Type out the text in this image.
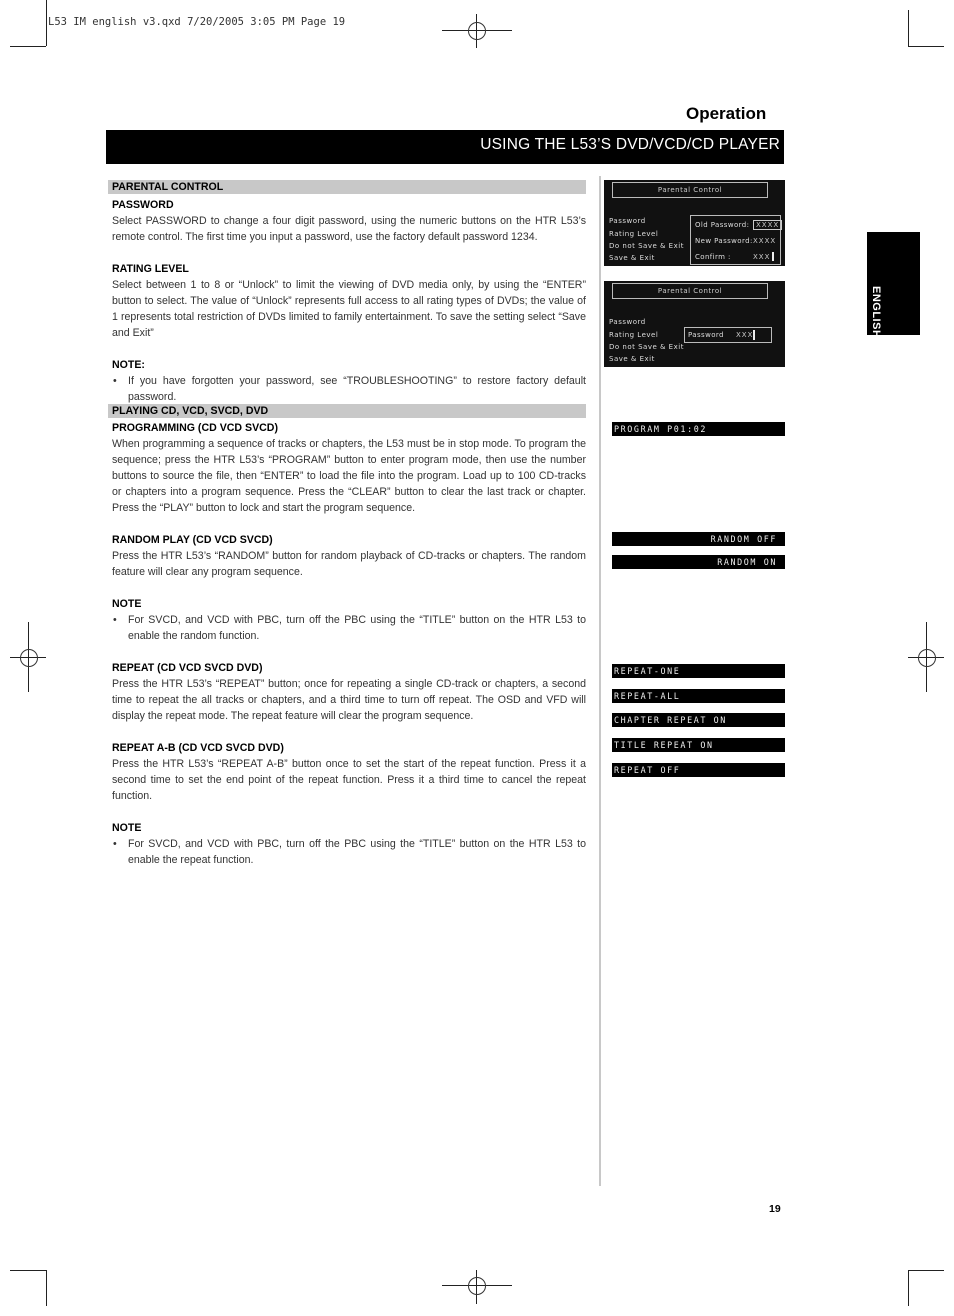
L53 IM english v3.qxd 7/20/2005 3:05 PM Page 19
Operation
USING THE L53’S DVD/VCD/CD PLAYER
ENGLISH
PARENTAL CONTROL
PASSWORD

Select PASSWORD to change a four digit password, using the numeric buttons on the HTR L53’s remote control. The first time you input a password, use the factory default password 1234.

RATING LEVEL

Select between 1 to 8 or “Unlock” to limit the viewing of DVD media only, by using the “ENTER” button to select. The value of “Unlock” represents full access to all rating types of DVDs; the value of 1 represents total restriction of DVDs limited to family entertainment. To save the setting select “Save and Exit”

NOTE:
• If you have forgotten your password, see “TROUBLESHOOTING” to restore factory default password.
PLAYING CD, VCD, SVCD, DVD
PROGRAMMING (CD VCD SVCD)

When programming a sequence of tracks or chapters, the L53 must be in stop mode. To program the sequence; press the HTR L53’s “PROGRAM” button to enter program mode, then use the number buttons to source the file, then “ENTER” to load the file into the program. Load up to 100 CD-tracks or chapters into a program sequence. Press the “CLEAR” button to clear the last track or chapter. Press the “PLAY” button to lock and start the program sequence.

RANDOM PLAY (CD VCD SVCD)

Press the HTR L53’s “RANDOM” button for random playback of CD-tracks or chapters. The random feature will clear any program sequence.

NOTE
• For SVCD, and VCD with PBC, turn off the PBC using the “TITLE” button on the HTR L53 to enable the random function.
REPEAT (CD VCD SVCD DVD)

Press the HTR L53’s “REPEAT” button; once for repeating a single CD-track or chapters, a second time to repeat the all tracks or chapters, and a third time to turn off repeat. The OSD and VFD will display the repeat mode. The repeat feature will clear the program sequence.

REPEAT A-B (CD VCD SVCD DVD)

Press the HTR L53’s “REPEAT A-B” button once to set the start of the repeat function. Press it a second time to set the end point of the repeat function. Press it a third time to cancel the repeat function.

NOTE
• For SVCD, and VCD with PBC, turn off the PBC using the “TITLE” button on the HTR L53 to enable the repeat function.
Parental Control
Password
Rating Level
Do not Save & Exit
Save & Exit
Old Password: XXXX
New Password: XXXX
Confirm :	XXX
Parental Control
Password
Rating Level
Do not Save & Exit
Save & Exit
Password XXX
PROGRAM P01:02
RANDOM OFF
RANDOM ON
REPEAT-ONE
REPEAT-ALL
CHAPTER REPEAT ON
TITLE REPEAT ON
REPEAT OFF
19
